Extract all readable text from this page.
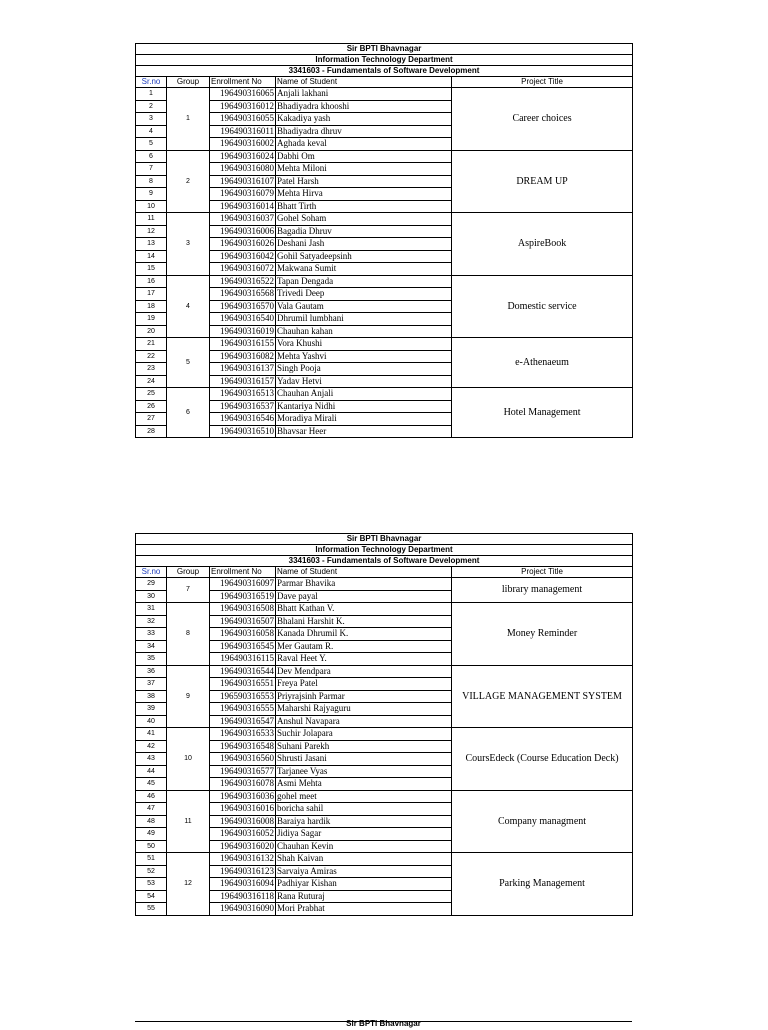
Sir BPTI Bhavnagar				
Information Technology Department				
3341603 - Fundamentals of Software Development				
Sr.no	Group	Enrollment No	Name of Student	Project Title
1	1	196490316065	Anjali lakhani	Career choices
2		196490316012	Bhadiyadra khooshi	
3		196490316055	Kakadiya yash	
4		196490316011	Bhadiyadra dhruv	
5		196490316002	Aghada keval	
6	2	196490316024	Dabhi Om	DREAM UP
7		196490316080	Mehta Miloni	
8		196490316107	Patel Harsh	
9		196490316079	Mehta Hirva	
10		196490316014	Bhatt Tirth	
11	3	196490316037	Gohel Soham	AspireBook
12		196490316006	Bagadia Dhruv	
13		196490316026	Deshani Jash	
14		196490316042	Gohil Satyadeepsinh	
15		196490316072	Makwana Sumit	
16	4	196490316522	Tapan Dengada	Domestic service
17		196490316568	Trivedi Deep	
18		196490316570	Vala Gautam	
19		196490316540	Dhrumil lumbhani	
20		196490316019	Chauhan kahan	
21	5	196490316155	Vora Khushi	e-Athenaeum
22		196490316082	Mehta Yashvi	
23		196490316137	Singh Pooja	
24		196490316157	Yadav Hetvi	
25	6	196490316513	Chauhan Anjali	Hotel Management
26		196490316537	Kantariya Nidhi	
27		196490316546	Moradiya Mirali	
28		196490316510	Bhavsar Heer	
Sir BPTI Bhavnagar				
Information Technology Department				
3341603 - Fundamentals of Software Development				
Sr.no	Group	Enrollment No	Name of Student	Project Title
29	7	196490316097	Parmar Bhavika	library management
30		196490316519	Dave payal	
31	8	196490316508	Bhatt Kathan V.	Money Reminder
32		196490316507	Bhalani Harshit K.	
33		196490316058	Kanada Dhrumil K.	
34		196490316545	Mer Gautam R.	
35		196490316115	Raval Heet Y.	
36	9	196490316544	Dev Mendpara	VILLAGE MANAGEMENT SYSTEM
37		196490316551	Freya Patel	
38		196590316553	Priyrajsinh Parmar	
39		196490316555	Maharshi Rajyaguru	
40		196490316547	Anshul Navapara	
41	10	196490316533	Suchir Jolapara	CoursEdeck (Course Education Deck)
42		196490316548	Suhani Parekh	
43		196490316560	Shrusti Jasani	
44		196490316577	Tarjanee Vyas	
45		196490316078	Asmi Mehta	
46	11	196490316036	gohel meet	Company managment
47		196490316016	boricha sahil	
48		196490316008	Baraiya hardik	
49		196490316052	Jidiya Sagar	
50		196490316020	Chauhan Kevin	
51	12	196490316132	Shah Kaivan	Parking Management
52		196490316123	Sarvaiya Amiras	
53		196490316094	Padhiyar Kishan	
54		196490316118	Rana Ruturaj	
55		196490316090	Mori Prabhat	
Sir BPTI Bhavnagar
